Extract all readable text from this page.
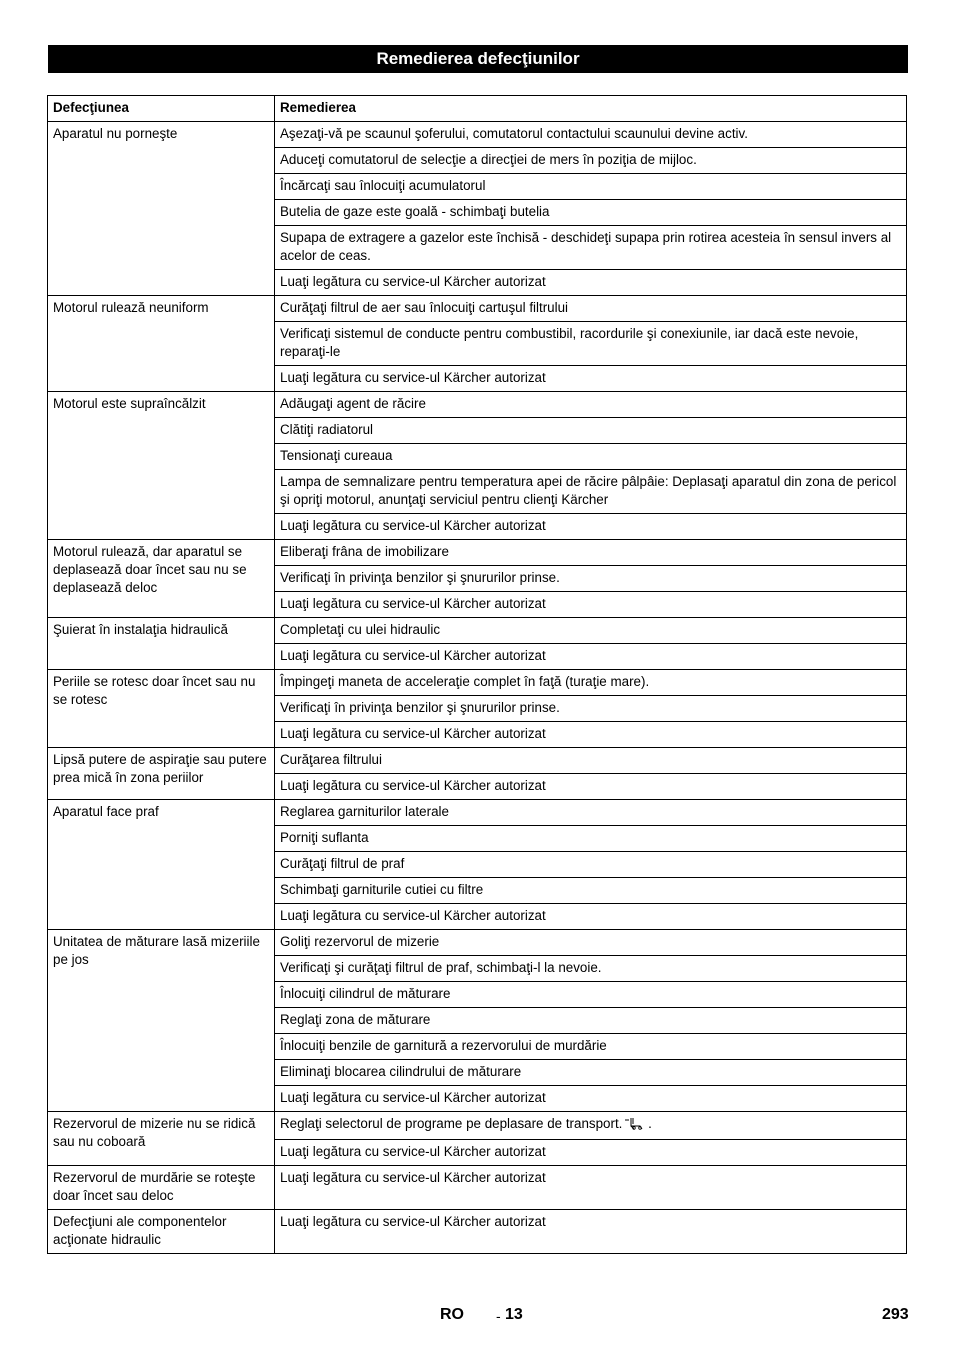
Remedierea defecţiunilor
Defecţiunea	Remedierea
Aparatul nu porneşte	Aşezaţi-vă pe scaunul şoferului, comutatorul contactului scaunului devine activ.
	Aduceţi comutatorul de selecţie a direcţiei de mers în poziţia de mijloc.
	Încărcaţi sau înlocuiţi acumulatorul
	Butelia de gaze este goală - schimbaţi butelia
	Supapa de extragere a gazelor este închisă - deschideţi supapa prin rotirea acesteia în sensul invers al acelor de ceas.
	Luaţi legătura cu service-ul Kärcher autorizat
Motorul rulează neuniform	Curăţaţi filtrul de aer sau înlocuiţi cartuşul filtrului
	Verificaţi sistemul de conducte pentru combustibil, racordurile şi conexiunile, iar dacă este nevoie, reparaţi-le
	Luaţi legătura cu service-ul Kärcher autorizat
Motorul este supraîncălzit	Adăugaţi agent de răcire
	Clătiţi radiatorul
	Tensionaţi cureaua
	Lampa de semnalizare pentru temperatura apei de răcire pâlpâie: Deplasaţi aparatul din zona de pericol şi opriţi motorul, anunţaţi serviciul pentru clienţi Kärcher
	Luaţi legătura cu service-ul Kärcher autorizat
Motorul rulează, dar aparatul se deplasează doar încet sau nu se deplasează deloc	Eliberaţi frâna de imobilizare
	Verificaţi în privinţa benzilor şi şnururilor prinse.
	Luaţi legătura cu service-ul Kärcher autorizat
Şuierat în instalaţia hidraulică	Completaţi cu ulei hidraulic
	Luaţi legătura cu service-ul Kärcher autorizat
Periile se rotesc doar încet sau nu se rotesc	Împingeţi maneta de acceleraţie complet în faţă (turaţie mare).
	Verificaţi în privinţa benzilor şi şnururilor prinse.
	Luaţi legătura cu service-ul Kärcher autorizat
Lipsă putere de aspiraţie sau putere prea mică în zona periilor	Curăţarea filtrului
	Luaţi legătura cu service-ul Kärcher autorizat
Aparatul face praf	Reglarea garniturilor laterale
	Porniţi suflanta
	Curăţaţi filtrul de praf
	Schimbaţi garniturile cutiei cu filtre
	Luaţi legătura cu service-ul Kärcher autorizat
Unitatea de măturare lasă mizeriile pe jos	Goliţi rezervorul de mizerie
	Verificaţi şi curăţaţi filtrul de praf, schimbaţi-l la nevoie.
	Înlocuiţi cilindrul de măturare
	Reglaţi zona de măturare
	Înlocuiţi benzile de garnitură a rezervorului de murdărie
	Eliminaţi blocarea cilindrului de măturare
	Luaţi legătura cu service-ul Kärcher autorizat
Rezervorul de mizerie nu se ridică sau nu coboară	Reglaţi selectorul de programe pe deplasare de transport. .
	Luaţi legătura cu service-ul Kärcher autorizat
Rezervorul de murdărie se roteşte doar încet sau deloc	Luaţi legătura cu service-ul Kärcher autorizat
Defecţiuni ale componentelor acţionate hidraulic	Luaţi legătura cu service-ul Kärcher autorizat
RO - 13	293
